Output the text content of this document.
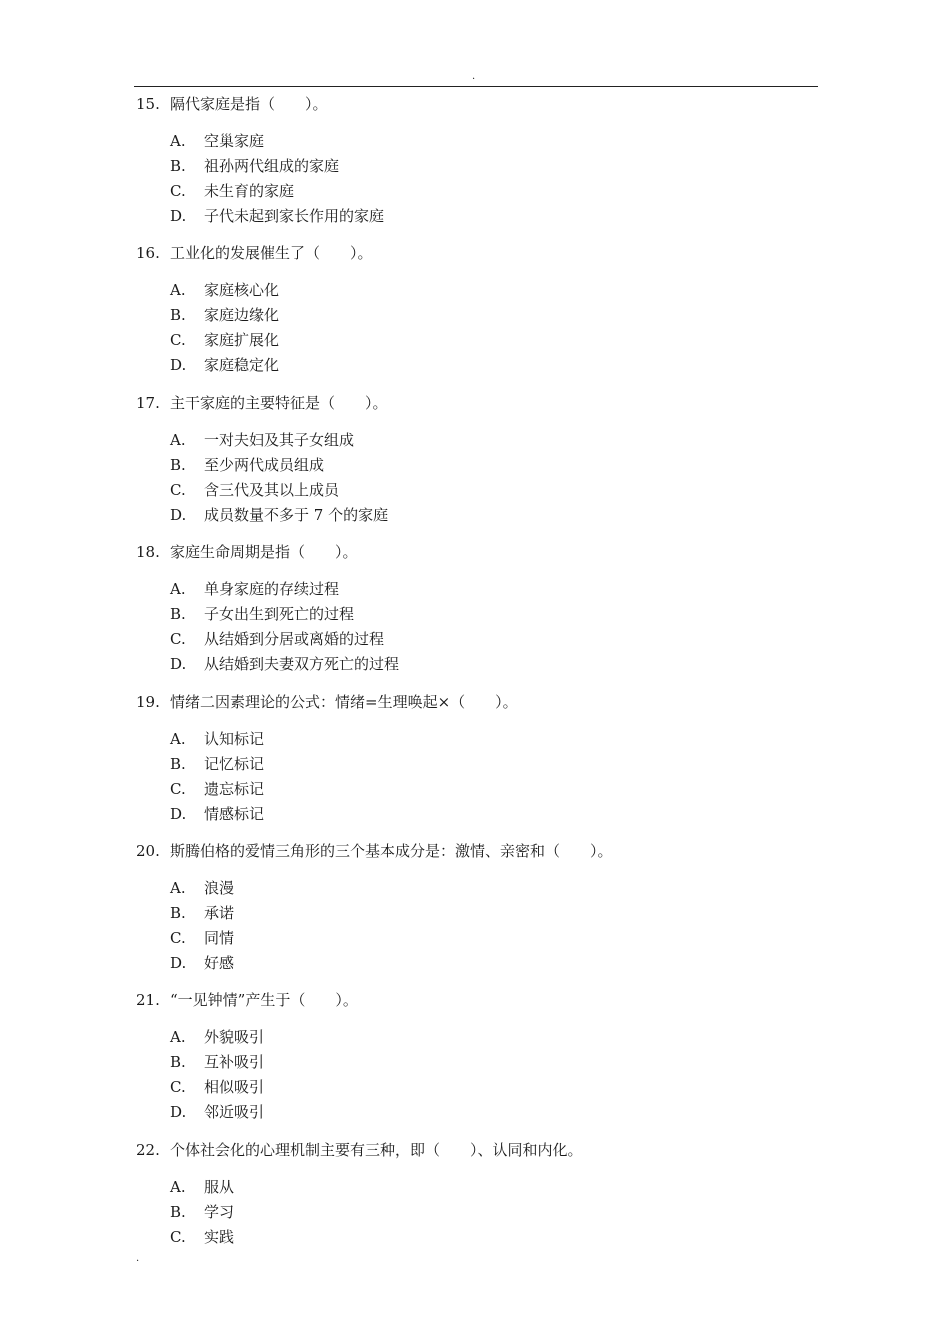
.
15. 隔代家庭是指（　　）。
A.	空巢家庭
B.	祖孙两代组成的家庭
C.	未生育的家庭
D.	子代未起到家长作用的家庭
16. 工业化的发展催生了（　　）。
A.	家庭核心化
B.	家庭边缘化
C.	家庭扩展化
D.	家庭稳定化
17. 主干家庭的主要特征是（　　）。
A.	一对夫妇及其子女组成
B.	至少两代成员组成
C.	含三代及其以上成员
D.	成员数量不多于 7 个的家庭
18. 家庭生命周期是指（　　）。
A.	单身家庭的存续过程
B.	子女出生到死亡的过程
C.	从结婚到分居或离婚的过程
D.	从结婚到夫妻双方死亡的过程
19. 情绪二因素理论的公式：情绪=生理唤起×（　　）。
A.	认知标记
B.	记忆标记
C.	遗忘标记
D.	情感标记
20. 斯腾伯格的爱情三角形的三个基本成分是：激情、亲密和（　　）。
A.	浪漫
B.	承诺
C.	同情
D.	好感
21. “一见钟情”产生于（　　）。
A.	外貌吸引
B.	互补吸引
C.	相似吸引
D.	邻近吸引
22. 个体社会化的心理机制主要有三种，即（　　）、认同和内化。
A.	服从
B.	学习
C.	实践
.
